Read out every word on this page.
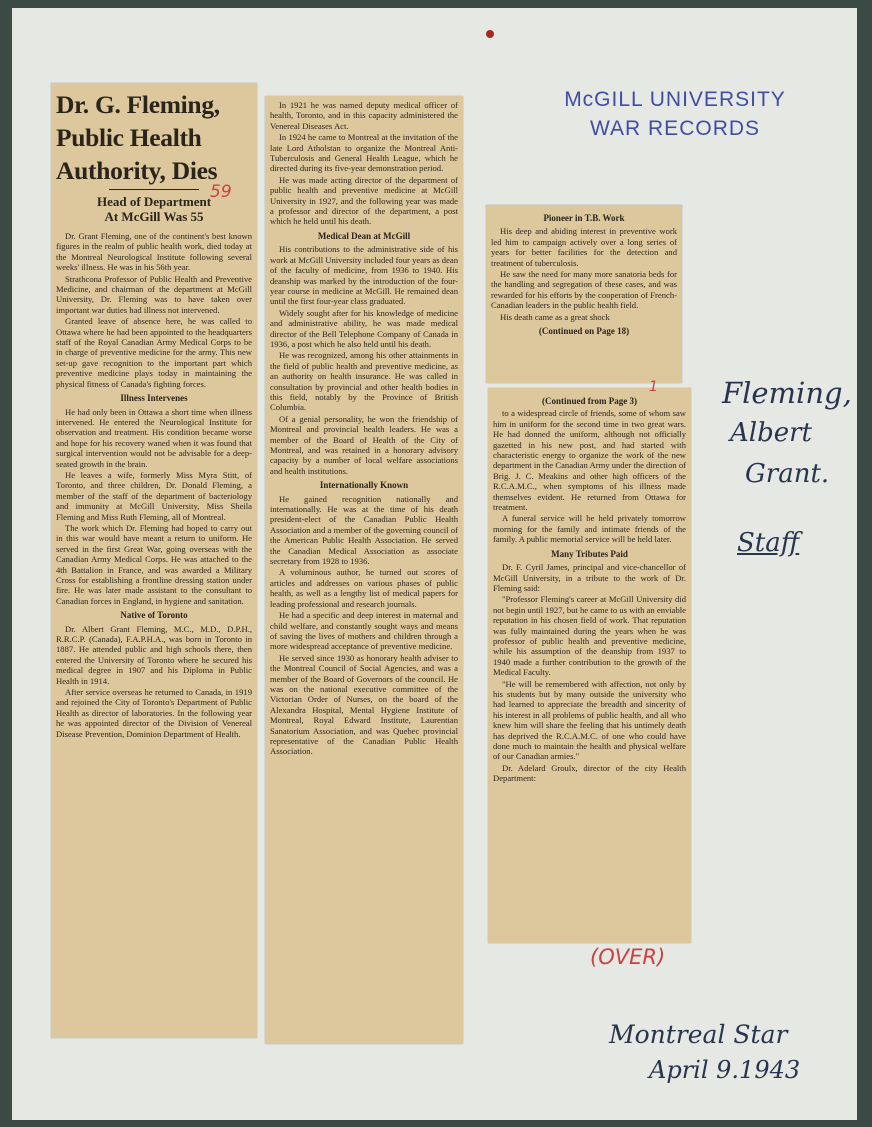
McGILL UNIVERSITY
WAR RECORDS
Dr. G. Fleming,
Public Health
Authority, Dies
Head of Department
At McGill Was 55

Dr. Grant Fleming, one of the continent's best known figures in the realm of public health work, died today at the Montreal Neurological Institute following several weeks' illness. He was in his 56th year.

Strathcona Professor of Public Health and Preventive Medicine, and chairman of the department at McGill University, Dr. Fleming was to have taken over important war duties had illness not intervened.

Granted leave of absence here, he was called to Ottawa where he had been appointed to the headquarters staff of the Royal Canadian Army Medical Corps to be in charge of preventive medicine for the army. This new set-up gave recognition to the important part which preventive medicine plays today in maintaining the physical fitness of Canada's fighting forces.

Illness Intervenes

He had only been in Ottawa a short time when illness intervened. He entered the Neurological Institute for observation and treatment. His condition became worse and hope for his recovery waned when it was found that surgical intervention would not be advisable for a deep-seated growth in the brain.

He leaves a wife, formerly Miss Myra Stitt, of Toronto, and three children, Dr. Donald Fleming, a member of the staff of the department of bacteriology and immunity at McGill University, Miss Sheila Fleming and Miss Ruth Fleming, all of Montreal.

The work which Dr. Fleming had hoped to carry out in this war would have meant a return to uniform. He served in the first Great War, going overseas with the Canadian Army Medical Corps. He was attached to the 4th Battalion in France, and was awarded a Military Cross for establishing a frontline dressing station under fire. He was later made assistant to the consultant to Canadian forces in England, in hygiene and sanitation.

Native of Toronto

Dr. Albert Grant Fleming, M.C., M.D., D.P.H., R.R.C.P. (Canada), F.A.P.H.A., was born in Toronto in 1887. He attended public and high schools there, then entered the University of Toronto where he secured his medical degree in 1907 and his Diploma in Public Health in 1914.

After service overseas he returned to Canada, in 1919 and rejoined the City of Toronto's Department of Public Health as director of laboratories. In the following year he was appointed director of the Division of Venereal Disease Prevention, Dominion Department of Health.

In 1921 he was named deputy medical officer of health, Toronto, and in this capacity administered the Venereal Diseases Act.

In 1924 he came to Montreal at the invitation of the late Lord Atholstan to organize the Montreal Anti-Tuberculosis and General Health League, which he directed during its five-year demonstration period.

He was made acting director of the department of public health and preventive medicine at McGill University in 1927, and the following year was made a professor and director of the department, a post which he held until his death.

Medical Dean at McGill

His contributions to the administrative side of his work at McGill University included four years as dean of the faculty of medicine, from 1936 to 1940. His deanship was marked by the introduction of the four-year course in medicine at McGill. He remained dean until the first four-year class graduated.

Widely sought after for his knowledge of medicine and administrative ability, he was made medical director of the Bell Telephone Company of Canada in 1936, a post which he also held until his death.

He was recognized, among his other attainments in the field of public health and preventive medicine, as an authority on health insurance. He was called in consultation by provincial and other health bodies in this field, notably by the Province of British Columbia.

Of a genial personality, he won the friendship of Montreal and provincial health leaders. He was a member of the Board of Health of the City of Montreal, and was retained in a honorary advisory capacity by a number of local welfare associations and health institutions.

Internationally Known

He gained recognition nationally and internationally. He was at the time of his death president-elect of the Canadian Public Health Association and a member of the governing council of the American Public Health Association. He served the Canadian Medical Association as associate secretary from 1928 to 1936.

A voluminous author, he turned out scores of articles and addresses on various phases of public health, as well as a lengthy list of medical papers for leading professional and research journals.

He had a specific and deep interest in maternal and child welfare, and constantly sought ways and means of saving the lives of mothers and children through a more widespread acceptance of preventive medicine.

He served since 1930 as honorary health adviser to the Montreal Council of Social Agencies, and was a member of the Board of Governors of the council. He was on the national executive committee of the Victorian Order of Nurses, on the board of the Alexandra Hospital, Mental Hygiene Institute of Montreal, Royal Edward Institute, Laurentian Sanatorium Association, and was Quebec provincial representative of the Canadian Public Health Association.

Pioneer in T.B. Work

His deep and abiding interest in preventive work led him to campaign actively over a long series of years for better facilities for the detection and treatment of tuberculosis.

He saw the need for many more sanatoria beds for the handling and segregation of these cases, and was rewarded for his efforts by the cooperation of French-Canadian leaders in the public health field.

His death came as a great shock

(Continued on Page 18)
(Continued from Page 3)

to a widespread circle of friends, some of whom saw him in uniform for the second time in two great wars. He had donned the uniform, although not officially gazetted in his new post, and had started with characteristic energy to organize the work of the new department in the Canadian Army under the direction of Brig. J. C. Meakins and other high officers of the R.C.A.M.C., when symptoms of his illness made themselves evident. He returned from Ottawa for treatment.

A funeral service will be held privately tomorrow morning for the family and intimate friends of the family. A public memorial service will be held later.

Many Tributes Paid

Dr. F. Cyril James, principal and vice-chancellor of McGill University, in a tribute to the work of Dr. Fleming said:

"Professor Fleming's career at McGill University did not begin until 1927, but he came to us with an enviable reputation in his chosen field of work. That reputation was fully maintained during the years when he was professor of public health and preventive medicine, while his assumption of the deanship from 1937 to 1940 made a further contribution to the growth of the Medical Faculty.

"He will be remembered with affection, not only by his students but by many outside the university who had learned to appreciate the breadth and sincerity of his interest in all problems of public health, and all who knew him will share the feeling that his untimely death has deprived the R.C.A.M.C. of one who could have done much to maintain the health and physical welfare of our Canadian armies."

Dr. Adelard Groulx, director of the city Health Department:

59
1
(OVER)
Fleming,
Albert
Grant.
Staff
Montreal Star
April 9.1943
